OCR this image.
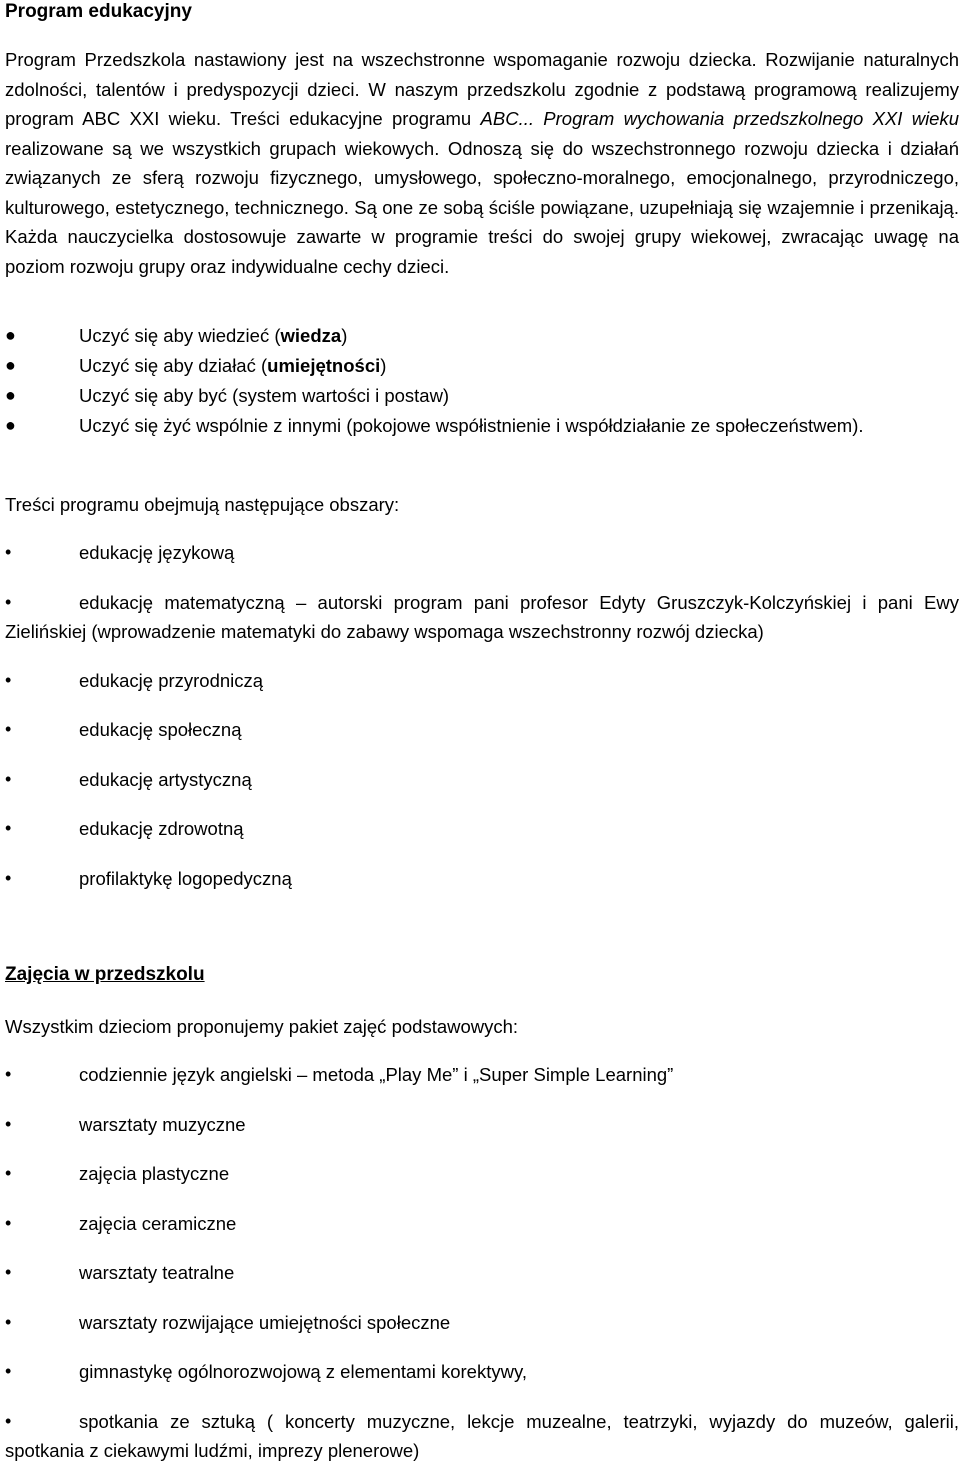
Program edukacyjny

Program Przedszkola nastawiony jest na wszechstronne wspomaganie rozwoju dziecka. Rozwijanie naturalnych zdolności, talentów i predyspozycji dzieci. W naszym przedszkolu zgodnie z podstawą programową realizujemy program ABC XXI wieku. Treści edukacyjne programu ABC... Program wychowania przedszkolnego XXI wieku realizowane są we wszystkich grupach wiekowych. Odnoszą się do wszechstronnego rozwoju dziecka i działań związanych ze sferą rozwoju fizycznego, umysłowego, społeczno-moralnego, emocjonalnego, przyrodniczego, kulturowego, estetycznego, technicznego. Są one ze sobą ściśle powiązane, uzupełniają się wzajemnie i przenikają. Każda nauczycielka dostosowuje zawarte w programie treści do swojej grupy wiekowej, zwracając uwagę na poziom rozwoju grupy oraz indywidualne cechy dzieci.

●	Uczyć się aby wiedzieć (wiedza)
●	Uczyć się aby działać (umiejętności)
●	Uczyć się aby być (system wartości i postaw)
●	Uczyć się żyć wspólnie z innymi (pokojowe współistnienie i współdziałanie ze społeczeństwem).

Treści programu obejmują następujące obszary:

•	edukację językową
•	edukację matematyczną – autorski program pani profesor Edyty Gruszczyk-Kolczyńskiej i pani Ewy Zielińskiej (wprowadzenie matematyki do zabawy wspomaga wszechstronny rozwój dziecka)
•	edukację przyrodniczą
•	edukację społeczną
•	edukację artystyczną
•	edukację zdrowotną
•	profilaktykę logopedyczną
Zajęcia w przedszkolu

Wszystkim dzieciom proponujemy pakiet zajęć podstawowych:

•	codziennie język angielski – metoda „Play Me” i „Super Simple Learning”
•	warsztaty muzyczne
•	zajęcia plastyczne
•	zajęcia ceramiczne
•	warsztaty teatralne
•	warsztaty rozwijające umiejętności społeczne
•	gimnastykę ogólnorozwojową z elementami korektywy,
•	spotkania ze sztuką ( koncerty muzyczne, lekcje muzealne, teatrzyki, wyjazdy do muzeów, galerii, spotkania z ciekawymi ludźmi, imprezy plenerowe)
